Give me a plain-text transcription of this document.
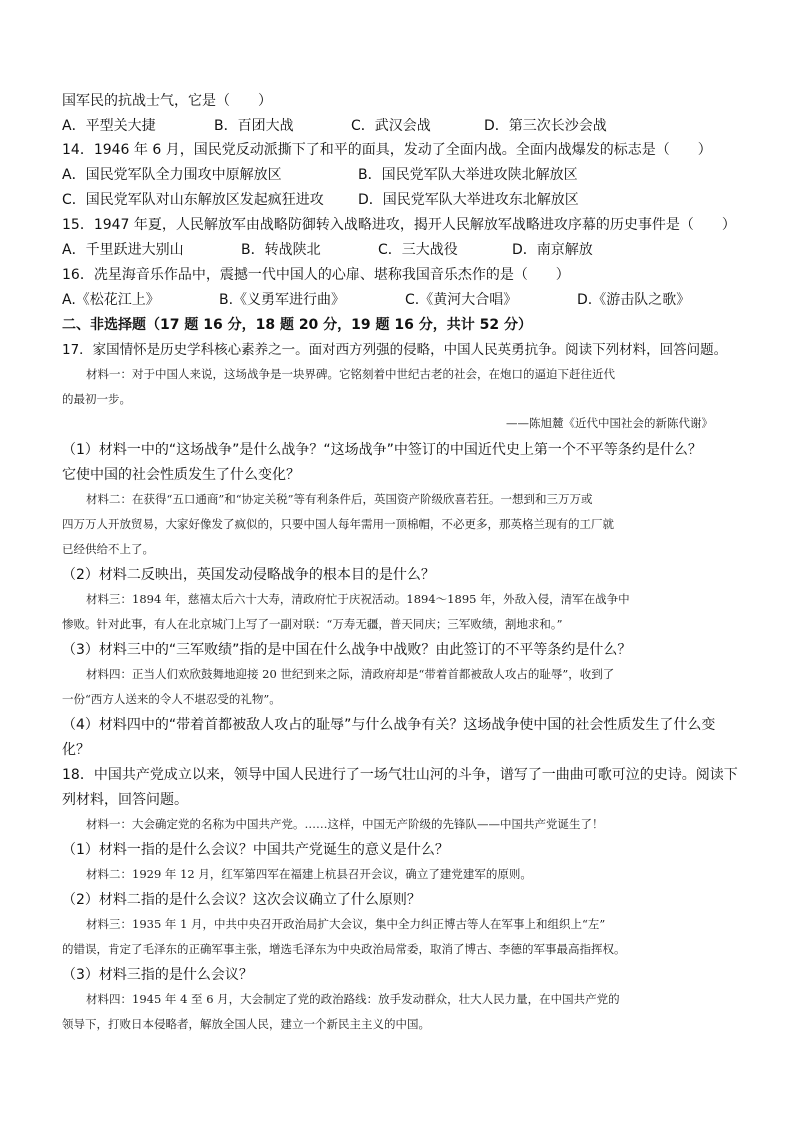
国军民的抗战士气，它是（　　）
A．平型关大捷	B．百团大战	C．武汉会战	D．第三次长沙会战
14．1946 年 6 月，国民党反动派撕下了和平的面具，发动了全面内战。全面内战爆发的标志是（　　）
A．国民党军队全力围攻中原解放区	B．国民党军队大举进攻陕北解放区
C．国民党军队对山东解放区发起疯狂进攻 D．国民党军队大举进攻东北解放区
15．1947 年夏，人民解放军由战略防御转入战略进攻，揭开人民解放军战略进攻序幕的历史事件是（　　）
A．千里跃进大别山	B．转战陕北	C．三大战役	D．南京解放
16．冼星海音乐作品中，震撼一代中国人的心扉、堪称我国音乐杰作的是（　　）
A.《松花江上》	B.《义勇军进行曲》	C.《黄河大合唱》	D.《游击队之歌》
二、非选择题（17 题 16 分，18 题 20 分，19 题 16 分，共计 52 分）
17．家国情怀是历史学科核心素养之一。面对西方列强的侵略，中国人民英勇抗争。阅读下列材料，回答问题。
材料一：对于中国人来说，这场战争是一块界碑。它铭刻着中世纪古老的社会，在炮口的逼迫下赶往近代
的最初一步。
——陈旭麓《近代中国社会的新陈代谢》
（1）材料一中的“这场战争”是什么战争？“这场战争”中签订的中国近代史上第一个不平等条约是什么？
它使中国的社会性质发生了什么变化？
材料二：在获得“五口通商”和“协定关税”等有利条件后，英国资产阶级欣喜若狂。一想到和三万万或
四万万人开放贸易，大家好像发了疯似的，只要中国人每年需用一顶棉帽，不必更多，那英格兰现有的工厂就
已经供给不上了。
（2）材料二反映出，英国发动侵略战争的根本目的是什么？
材料三：1894 年，慈禧太后六十大寿，清政府忙于庆祝活动。1894～1895 年，外敌入侵，清军在战争中
惨败。针对此事，有人在北京城门上写了一副对联：“万寿无疆，普天同庆；三军败绩，割地求和。”
（3）材料三中的“三军败绩”指的是中国在什么战争中战败？由此签订的不平等条约是什么？
材料四：正当人们欢欣鼓舞地迎接 20 世纪到来之际，清政府却是“带着首都被敌人攻占的耻辱”，收到了
一份“西方人送来的令人不堪忍受的礼物”。
（4）材料四中的“带着首都被敌人攻占的耻辱”与什么战争有关？这场战争使中国的社会性质发生了什么变
化？
18．中国共产党成立以来，领导中国人民进行了一场气壮山河的斗争，谱写了一曲曲可歌可泣的史诗。阅读下
列材料，回答问题。
材料一：大会确定党的名称为中国共产党。……这样，中国无产阶级的先锋队——中国共产党诞生了！
（1）材料一指的是什么会议？中国共产党诞生的意义是什么？
材料二：1929 年 12 月，红军第四军在福建上杭县召开会议，确立了建党建军的原则。
（2）材料二指的是什么会议？这次会议确立了什么原则？
材料三：1935 年 1 月，中共中央召开政治局扩大会议，集中全力纠正博古等人在军事上和组织上“左”
的错误，肯定了毛泽东的正确军事主张，增选毛泽东为中央政治局常委，取消了博古、李德的军事最高指挥权。
（3）材料三指的是什么会议？
材料四：1945 年 4 至 6 月，大会制定了党的政治路线：放手发动群众，壮大人民力量，在中国共产党的
领导下，打败日本侵略者，解放全国人民，建立一个新民主主义的中国。
